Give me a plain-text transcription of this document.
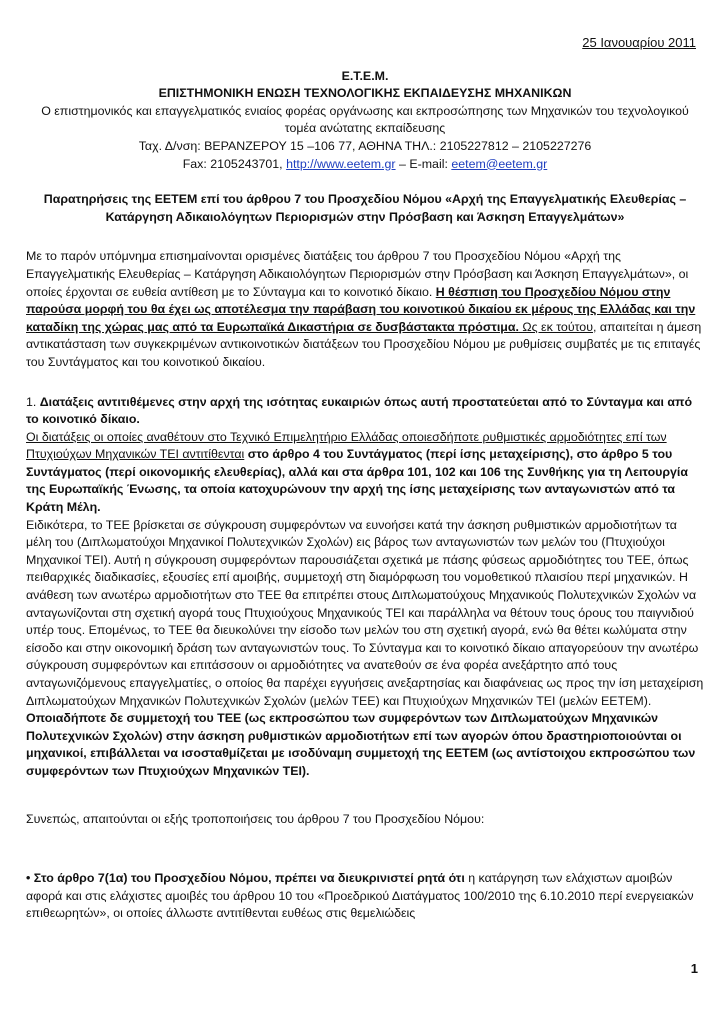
25 Ιανουαρίου 2011
Ε.Τ.Ε.Μ.
ΕΠΙΣΤΗΜΟΝΙΚΗ ΕΝΩΣΗ ΤΕΧΝΟΛΟΓΙΚΗΣ ΕΚΠΑΙΔΕΥΣΗΣ ΜΗΧΑΝΙΚΩΝ
Ο επιστημονικός και επαγγελματικός ενιαίος φορέας οργάνωσης και εκπροσώπησης των Μηχανικών του τεχνολογικού τομέα ανώτατης εκπαίδευσης
Ταχ. Δ/νση: ΒΕΡΑΝΖΕΡΟΥ 15 –106 77, ΑΘΗΝΑ ΤΗΛ.: 2105227812 – 2105227276
Fax: 2105243701, http://www.eetem.gr – E-mail: eetem@eetem.gr
Παρατηρήσεις της ΕΕΤΕΜ επί του άρθρου 7 του Προσχεδίου Νόμου «Αρχή της Επαγγελματικής Ελευθερίας – Κατάργηση Αδικαιολόγητων Περιορισμών στην Πρόσβαση και Άσκηση Επαγγελμάτων»

Με το παρόν υπόμνημα επισημαίνονται ορισμένες διατάξεις του άρθρου 7 του Προσχεδίου Νόμου «Αρχή της Επαγγελματικής Ελευθερίας – Κατάργηση Αδικαιολόγητων Περιορισμών στην Πρόσβαση και Άσκηση Επαγγελμάτων», οι οποίες έρχονται σε ευθεία αντίθεση με το Σύνταγμα και το κοινοτικό δίκαιο. Η θέσπιση του Προσχεδίου Νόμου στην παρούσα μορφή του θα έχει ως αποτέλεσμα την παράβαση του κοινοτικού δικαίου εκ μέρους της Ελλάδας και την καταδίκη της χώρας μας από τα Ευρωπαϊκά Δικαστήρια σε δυσβάστακτα πρόστιμα. Ως εκ τούτου, απαιτείται η άμεση αντικατάσταση των συγκεκριμένων αντικοινοτικών διατάξεων του Προσχεδίου Νόμου με ρυθμίσεις συμβατές με τις επιταγές του Συντάγματος και του κοινοτικού δικαίου.

1. Διατάξεις αντιτιθέμενες στην αρχή της ισότητας ευκαιριών όπως αυτή προστατεύεται από το Σύνταγμα και από το κοινοτικό δίκαιο.

Οι διατάξεις οι οποίες αναθέτουν στο Τεχνικό Επιμελητήριο Ελλάδας οποιεσδήποτε ρυθμιστικές αρμοδιότητες επί των Πτυχιούχων Μηχανικών ΤΕΙ αντιτίθενται στο άρθρο 4 του Συντάγματος (περί ίσης μεταχείρισης), στο άρθρο 5 του Συντάγματος (περί οικονομικής ελευθερίας), αλλά και στα άρθρα 101, 102 και 106 της Συνθήκης για τη Λειτουργία της Ευρωπαϊκής Ένωσης, τα οποία κατοχυρώνουν την αρχή της ίσης μεταχείρισης των ανταγωνιστών από τα Κράτη Μέλη.

Ειδικότερα, το ΤΕΕ βρίσκεται σε σύγκρουση συμφερόντων να ευνοήσει κατά την άσκηση ρυθμιστικών αρμοδιοτήτων τα μέλη του (Διπλωματούχοι Μηχανικοί Πολυτεχνικών Σχολών) εις βάρος των ανταγωνιστών των μελών του (Πτυχιούχοι Μηχανικοί ΤΕΙ). Αυτή η σύγκρουση συμφερόντων παρουσιάζεται σχετικά με πάσης φύσεως αρμοδιότητες του ΤΕΕ, όπως πειθαρχικές διαδικασίες, εξουσίες επί αμοιβής, συμμετοχή στη διαμόρφωση του νομοθετικού πλαισίου περί μηχανικών. Η ανάθεση των ανωτέρω αρμοδιοτήτων στο ΤΕΕ θα επιτρέπει στους Διπλωματούχους Μηχανικούς Πολυτεχνικών Σχολών να ανταγωνίζονται στη σχετική αγορά τους Πτυχιούχους Μηχανικούς ΤΕΙ και παράλληλα να θέτουν τους όρους του παιγνιδιού υπέρ τους. Επομένως, το ΤΕΕ θα διευκολύνει την είσοδο των μελών του στη σχετική αγορά, ενώ θα θέτει κωλύματα στην είσοδο και στην οικονομική δράση των ανταγωνιστών τους. Το Σύνταγμα και το κοινοτικό δίκαιο απαγορεύουν την ανωτέρω σύγκρουση συμφερόντων και επιτάσσουν οι αρμοδιότητες να ανατεθούν σε ένα φορέα ανεξάρτητο από τους ανταγωνιζόμενους επαγγελματίες, ο οποίος θα παρέχει εγγυήσεις ανεξαρτησίας και διαφάνειας ως προς την ίση μεταχείριση Διπλωματούχων Μηχανικών Πολυτεχνικών Σχολών (μελών ΤΕΕ) και Πτυχιούχων Μηχανικών ΤΕΙ (μελών ΕΕΤΕΜ). Οποιαδήποτε δε συμμετοχή του ΤΕΕ (ως εκπροσώπου των συμφερόντων των Διπλωματούχων Μηχανικών Πολυτεχνικών Σχολών) στην άσκηση ρυθμιστικών αρμοδιοτήτων επί των αγορών όπου δραστηριοποιούνται οι μηχανικοί, επιβάλλεται να ισοσταθμίζεται με ισοδύναμη συμμετοχή της ΕΕΤΕΜ (ως αντίστοιχου εκπροσώπου των συμφερόντων των Πτυχιούχων Μηχανικών ΤΕΙ).

Συνεπώς, απαιτούνται οι εξής τροποποιήσεις του άρθρου 7 του Προσχεδίου Νόμου:

• Στο άρθρο 7(1α) του Προσχεδίου Νόμου, πρέπει να διευκρινιστεί ρητά ότι η κατάργηση των ελάχιστων αμοιβών αφορά και στις ελάχιστες αμοιβές του άρθρου 10 του «Προεδρικού Διατάγματος 100/2010 της 6.10.2010 περί ενεργειακών επιθεωρητών», οι οποίες άλλωστε αντιτίθενται ευθέως στις θεμελιώδεις

1
